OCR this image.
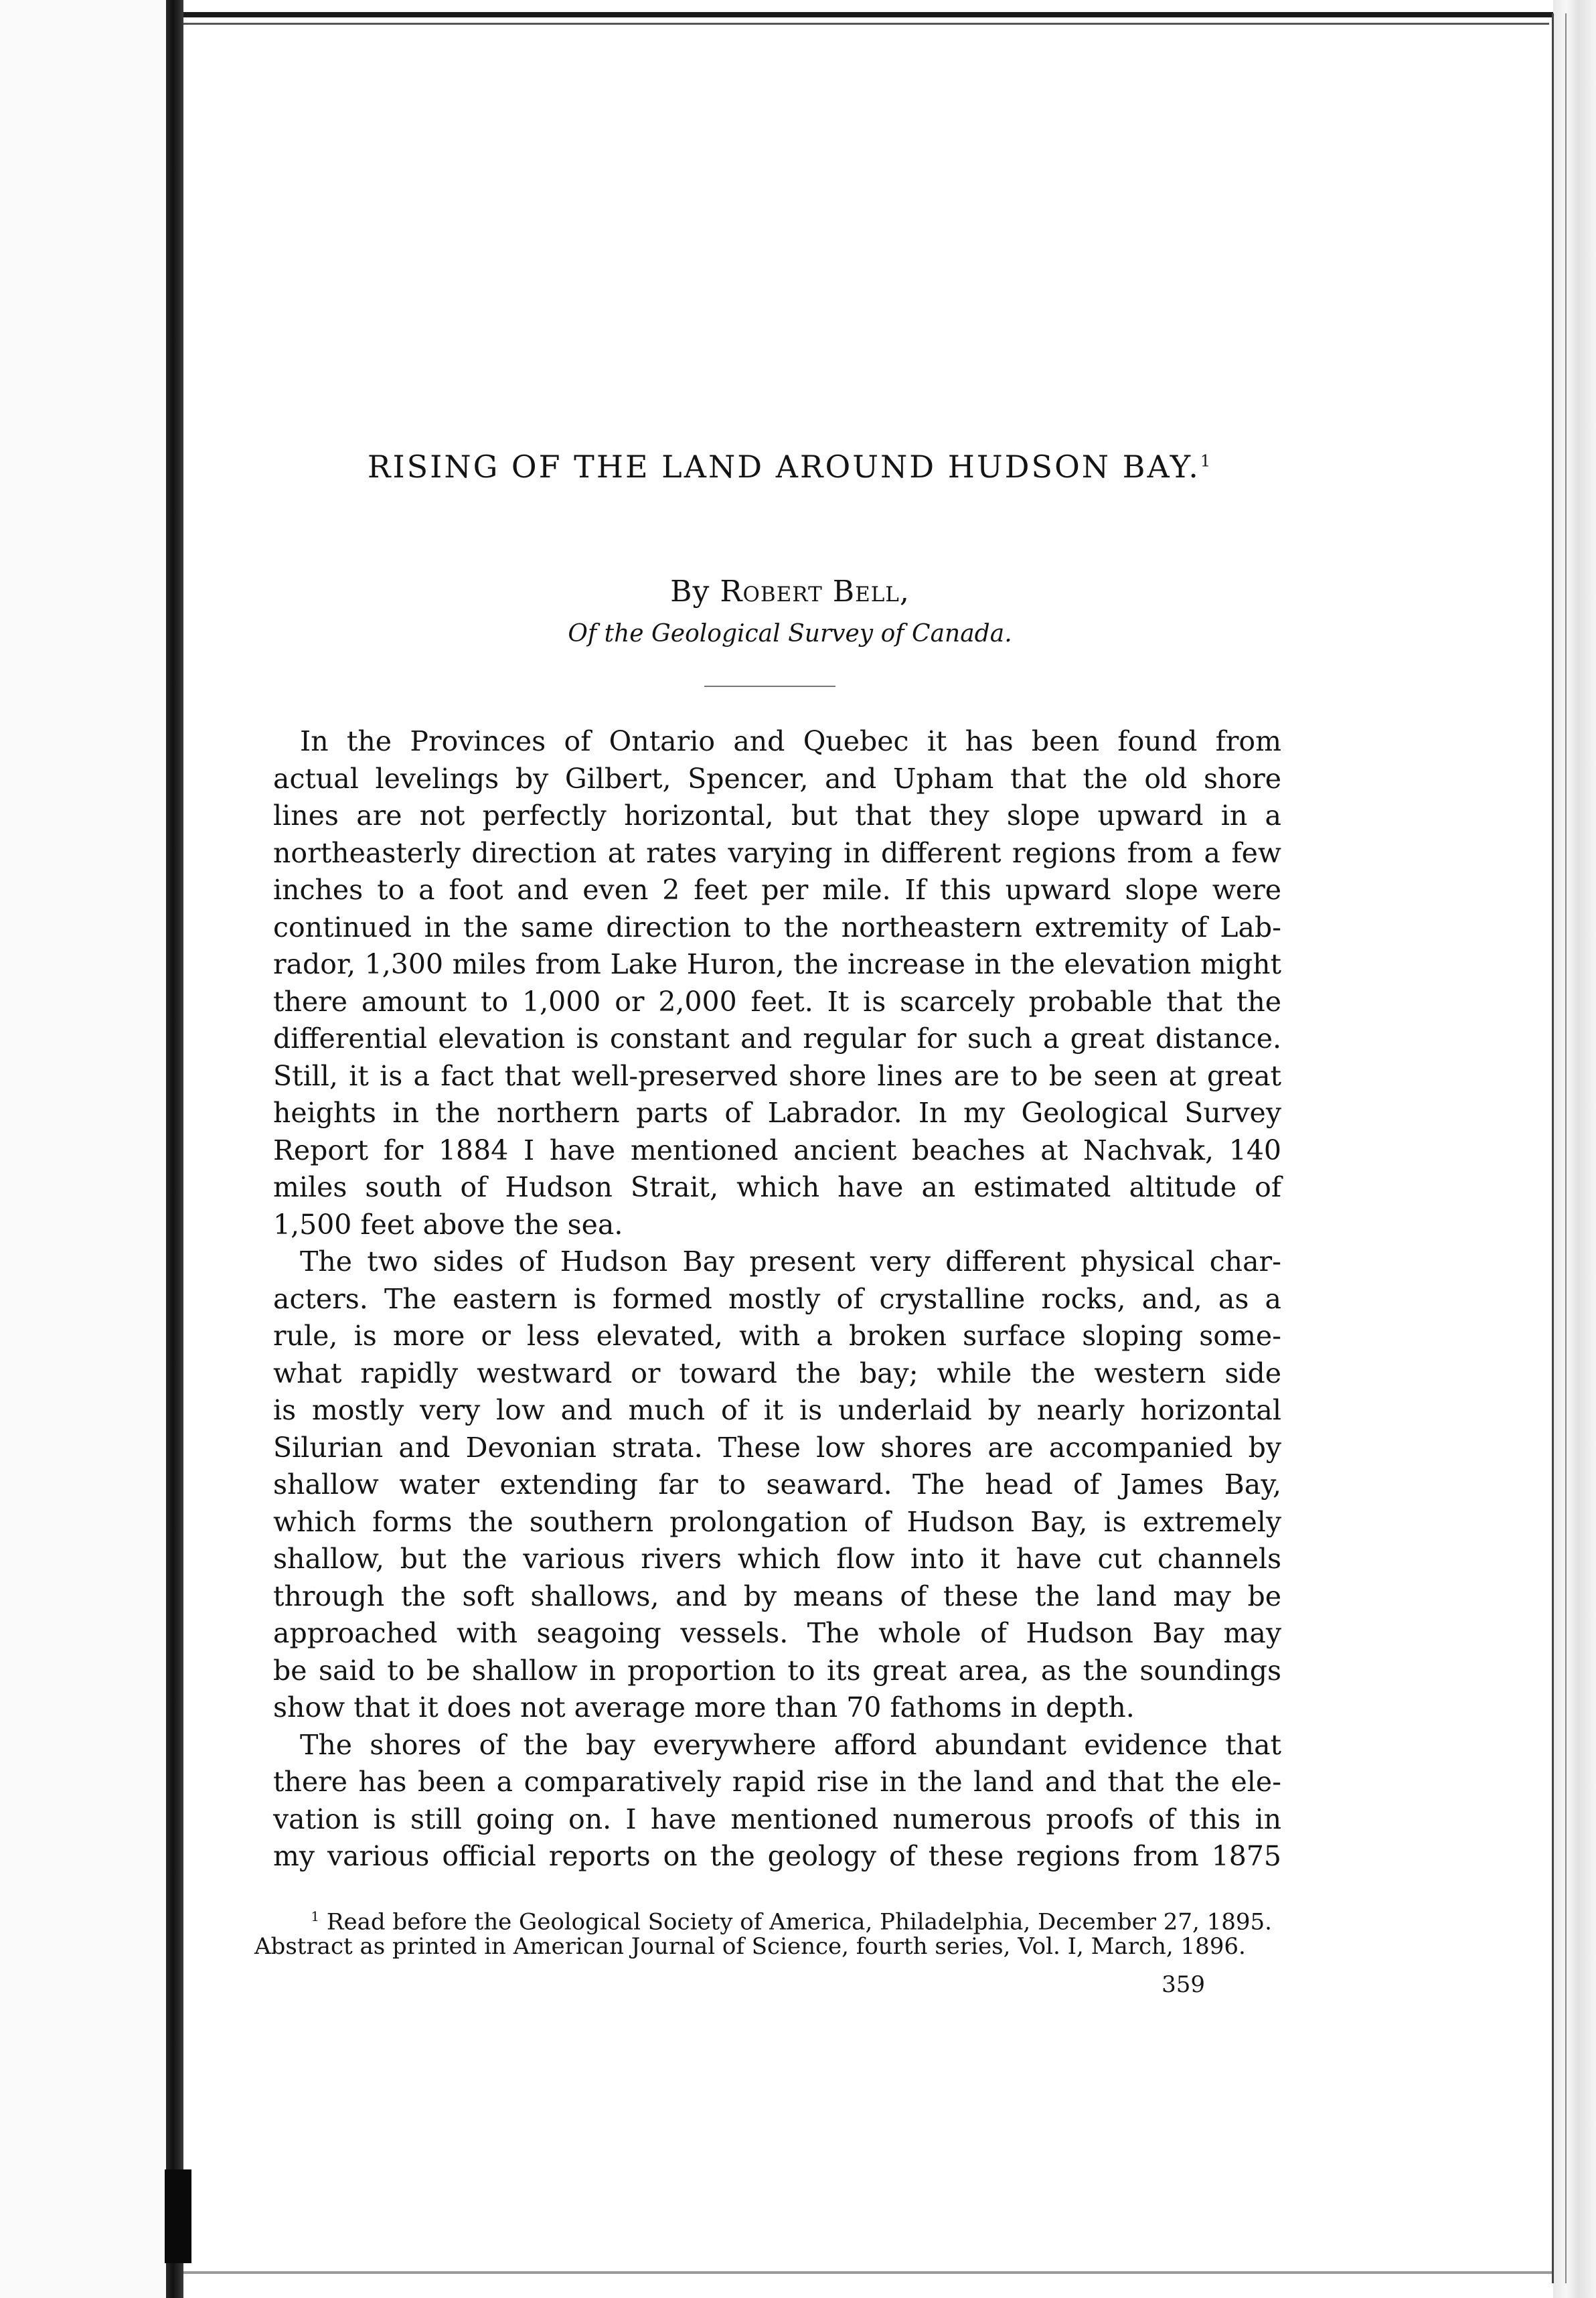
RISING OF THE LAND AROUND HUDSON BAY.$^1$

By Robert Bell,

Of the Geological Survey of Canada.

In the Provinces of Ontario and Quebec it has been found from
actual levelings by Gilbert, Spencer, and Upham that the old shore
lines are not perfectly horizontal, but that they slope upward in a
northeasterly direction at rates varying in different regions from a few
inches to a foot and even 2 feet per mile. If this upward slope were
continued in the same direction to the northeastern extremity of Lab-
rador, 1,300 miles from Lake Huron, the increase in the elevation might
there amount to 1,000 or 2,000 feet. It is scarcely probable that the
differential elevation is constant and regular for such a great distance.
Still, it is a fact that well-preserved shore lines are to be seen at great
heights in the northern parts of Labrador. In my Geological Survey
Report for 1884 I have mentioned ancient beaches at Nachvak, 140
miles south of Hudson Strait, which have an estimated altitude of
1,500 feet above the sea.
The two sides of Hudson Bay present very different physical char-
acters. The eastern is formed mostly of crystalline rocks, and, as a
rule, is more or less elevated, with a broken surface sloping some-
what rapidly westward or toward the bay; while the western side
is mostly very low and much of it is underlaid by nearly horizontal
Silurian and Devonian strata. These low shores are accompanied by
shallow water extending far to seaward. The head of James Bay,
which forms the southern prolongation of Hudson Bay, is extremely
shallow, but the various rivers which flow into it have cut channels
through the soft shallows, and by means of these the land may be
approached with seagoing vessels. The whole of Hudson Bay may
be said to be shallow in proportion to its great area, as the soundings
show that it does not average more than 70 fathoms in depth.
The shores of the bay everywhere afford abundant evidence that
there has been a comparatively rapid rise in the land and that the ele-
vation is still going on. I have mentioned numerous proofs of this in
my various official reports on the geology of these regions from 1875
$^1$ Read before the Geological Society of America, Philadelphia, December 27, 1895.
Abstract as printed in American Journal of Science, fourth series, Vol. I, March, 1896.
359
